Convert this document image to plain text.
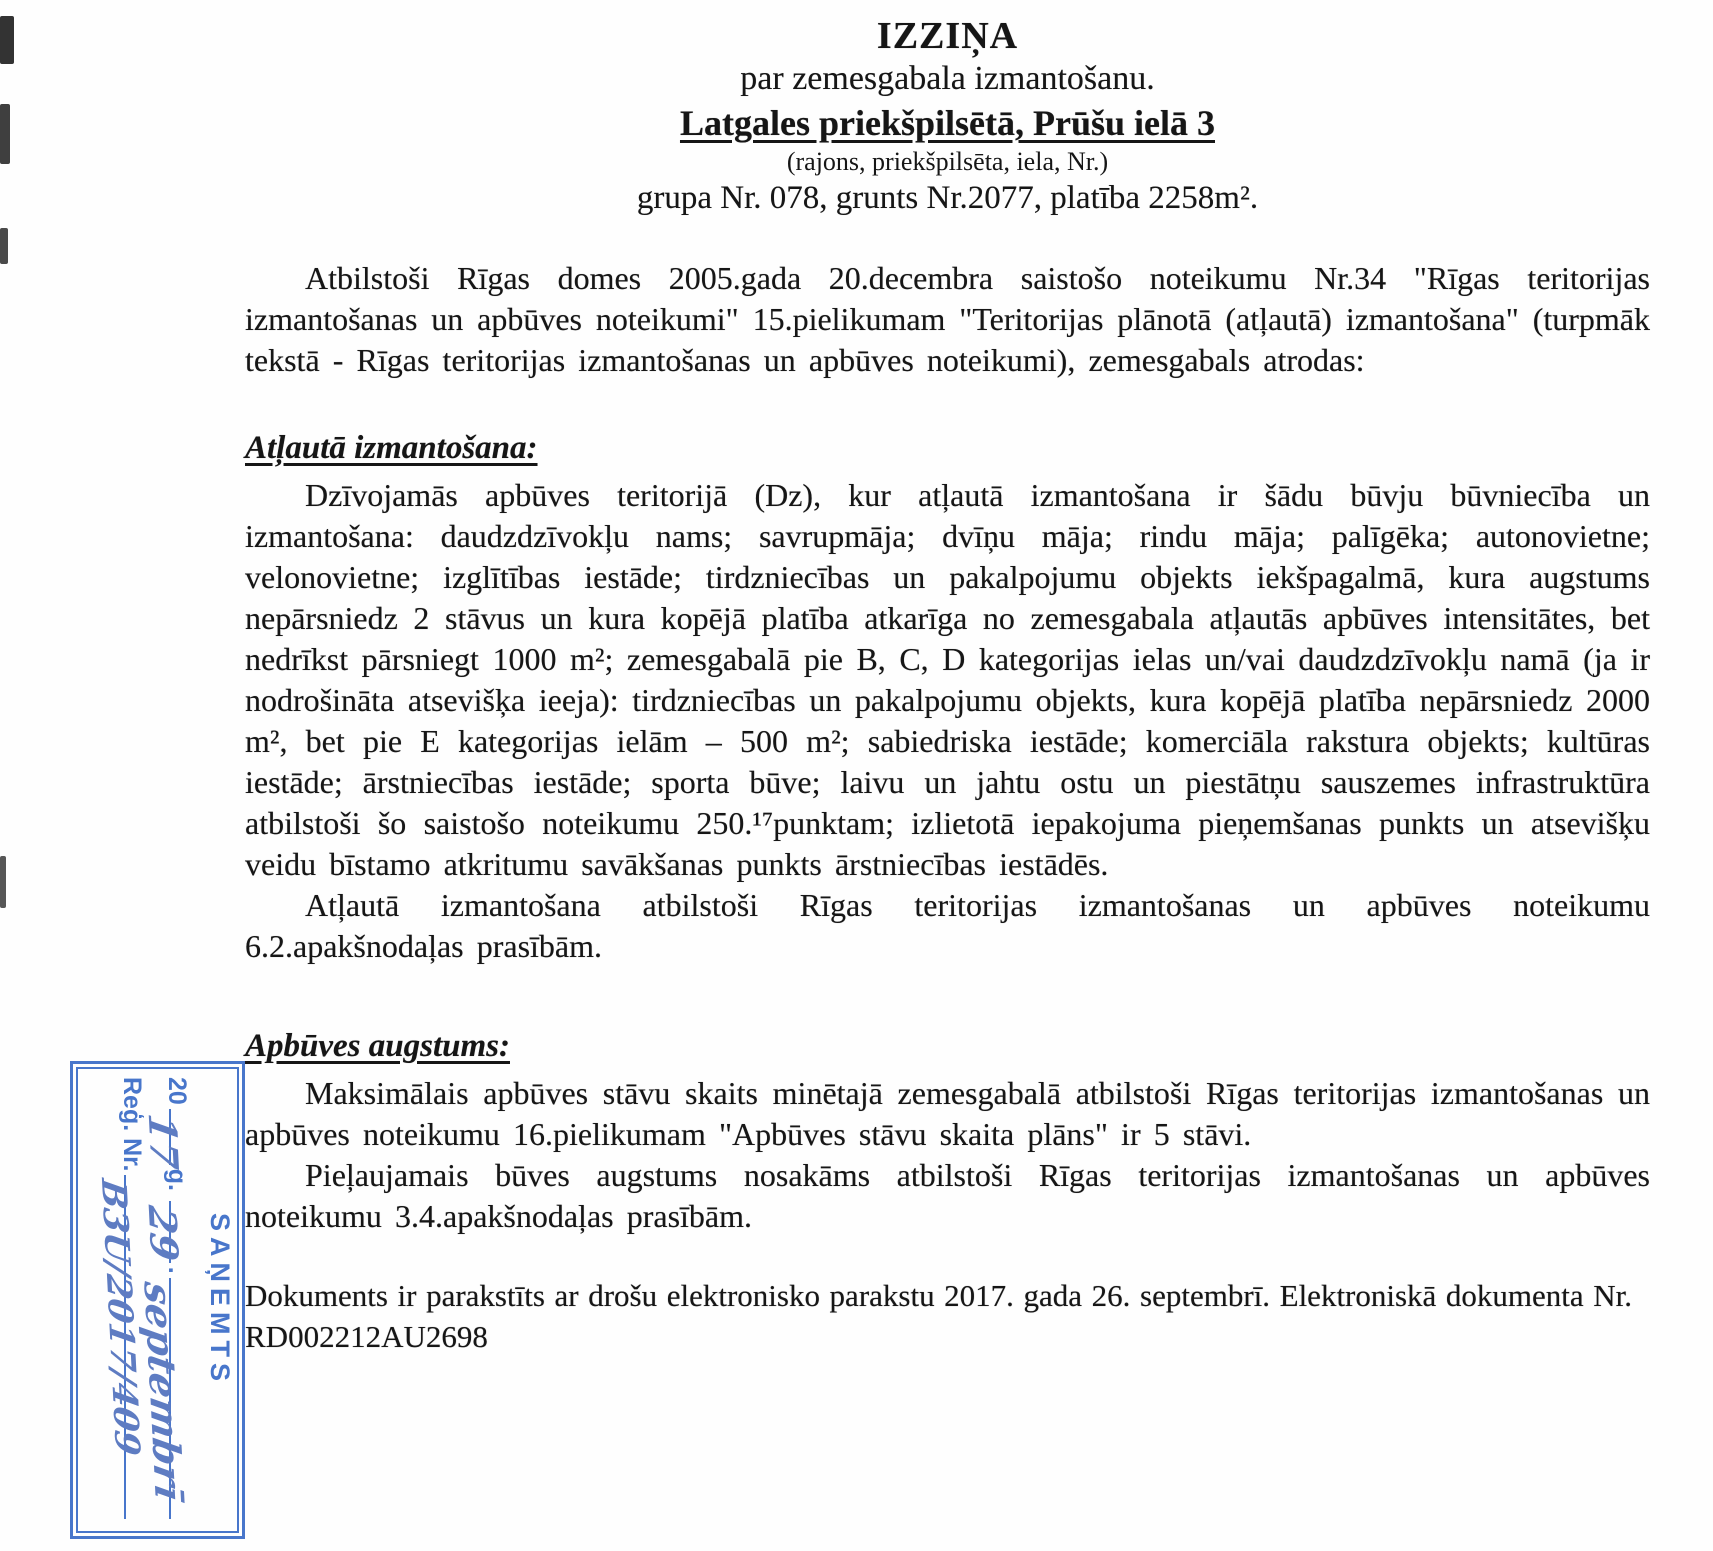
IZZIŅA
par zemesgabala izmantošanu.
Latgales priekšpilsētā, Prūšu ielā 3
(rajons, priekšpilsēta, iela, Nr.)
grupa Nr. 078, grunts Nr.2077, platība 2258m².

Atbilstoši Rīgas domes 2005.gada 20.decembra saistošo noteikumu Nr.34 "Rīgas teritorijas izmantošanas un apbūves noteikumi" 15.pielikumam "Teritorijas plānotā (atļautā) izmantošana" (turpmāk tekstā - Rīgas teritorijas izmantošanas un apbūves noteikumi), zemesgabals atrodas:

Atļautā izmantošana:

Dzīvojamās apbūves teritorijā (Dz), kur atļautā izmantošana ir šādu būvju būvniecība un izmantošana: daudzdzīvokļu nams; savrupmāja; dvīņu māja; rindu māja; palīgēka; autonovietne; velonovietne; izglītības iestāde; tirdzniecības un pakalpojumu objekts iekšpagalmā, kura augstums nepārsniedz 2 stāvus un kura kopējā platība atkarīga no zemesgabala atļautās apbūves intensitātes, bet nedrīkst pārsniegt 1000 m²; zemesgabalā pie B, C, D kategorijas ielas un/vai daudzdzīvokļu namā (ja ir nodrošināta atsevišķa ieeja): tirdzniecības un pakalpojumu objekts, kura kopējā platība nepārsniedz 2000 m², bet pie E kategorijas ielām – 500 m²; sabiedriska iestāde; komerciāla rakstura objekts; kultūras iestāde; ārstniecības iestāde; sporta būve; laivu un jahtu ostu un piestātņu sauszemes infrastruktūra atbilstoši šo saistošo noteikumu 250.¹⁷punktam; izlietotā iepakojuma pieņemšanas punkts un atsevišķu veidu bīstamo atkritumu savākšanas punkts ārstniecības iestādēs.

Atļautā izmantošana atbilstoši Rīgas teritorijas izmantošanas un apbūves noteikumu 6.2.apakšnodaļas prasībām.

Apbūves augstums:

Maksimālais apbūves stāvu skaits minētajā zemesgabalā atbilstoši Rīgas teritorijas izmantošanas un apbūves noteikumu 16.pielikumam "Apbūves stāvu skaita plāns" ir 5 stāvi.

Pieļaujamais būves augstums nosakāms atbilstoši Rīgas teritorijas izmantošanas un apbūves noteikumu 3.4.apakšnodaļas prasībām.

Dokuments ir parakstīts ar drošu elektronisko parakstu 2017. gada 26. septembrī. Elektroniskā dokumenta Nr. RD002212AU2698

SAŅEMTS
20
17
g.
29
.
septembrī
Reģ. Nr.
B3U/2017/409
